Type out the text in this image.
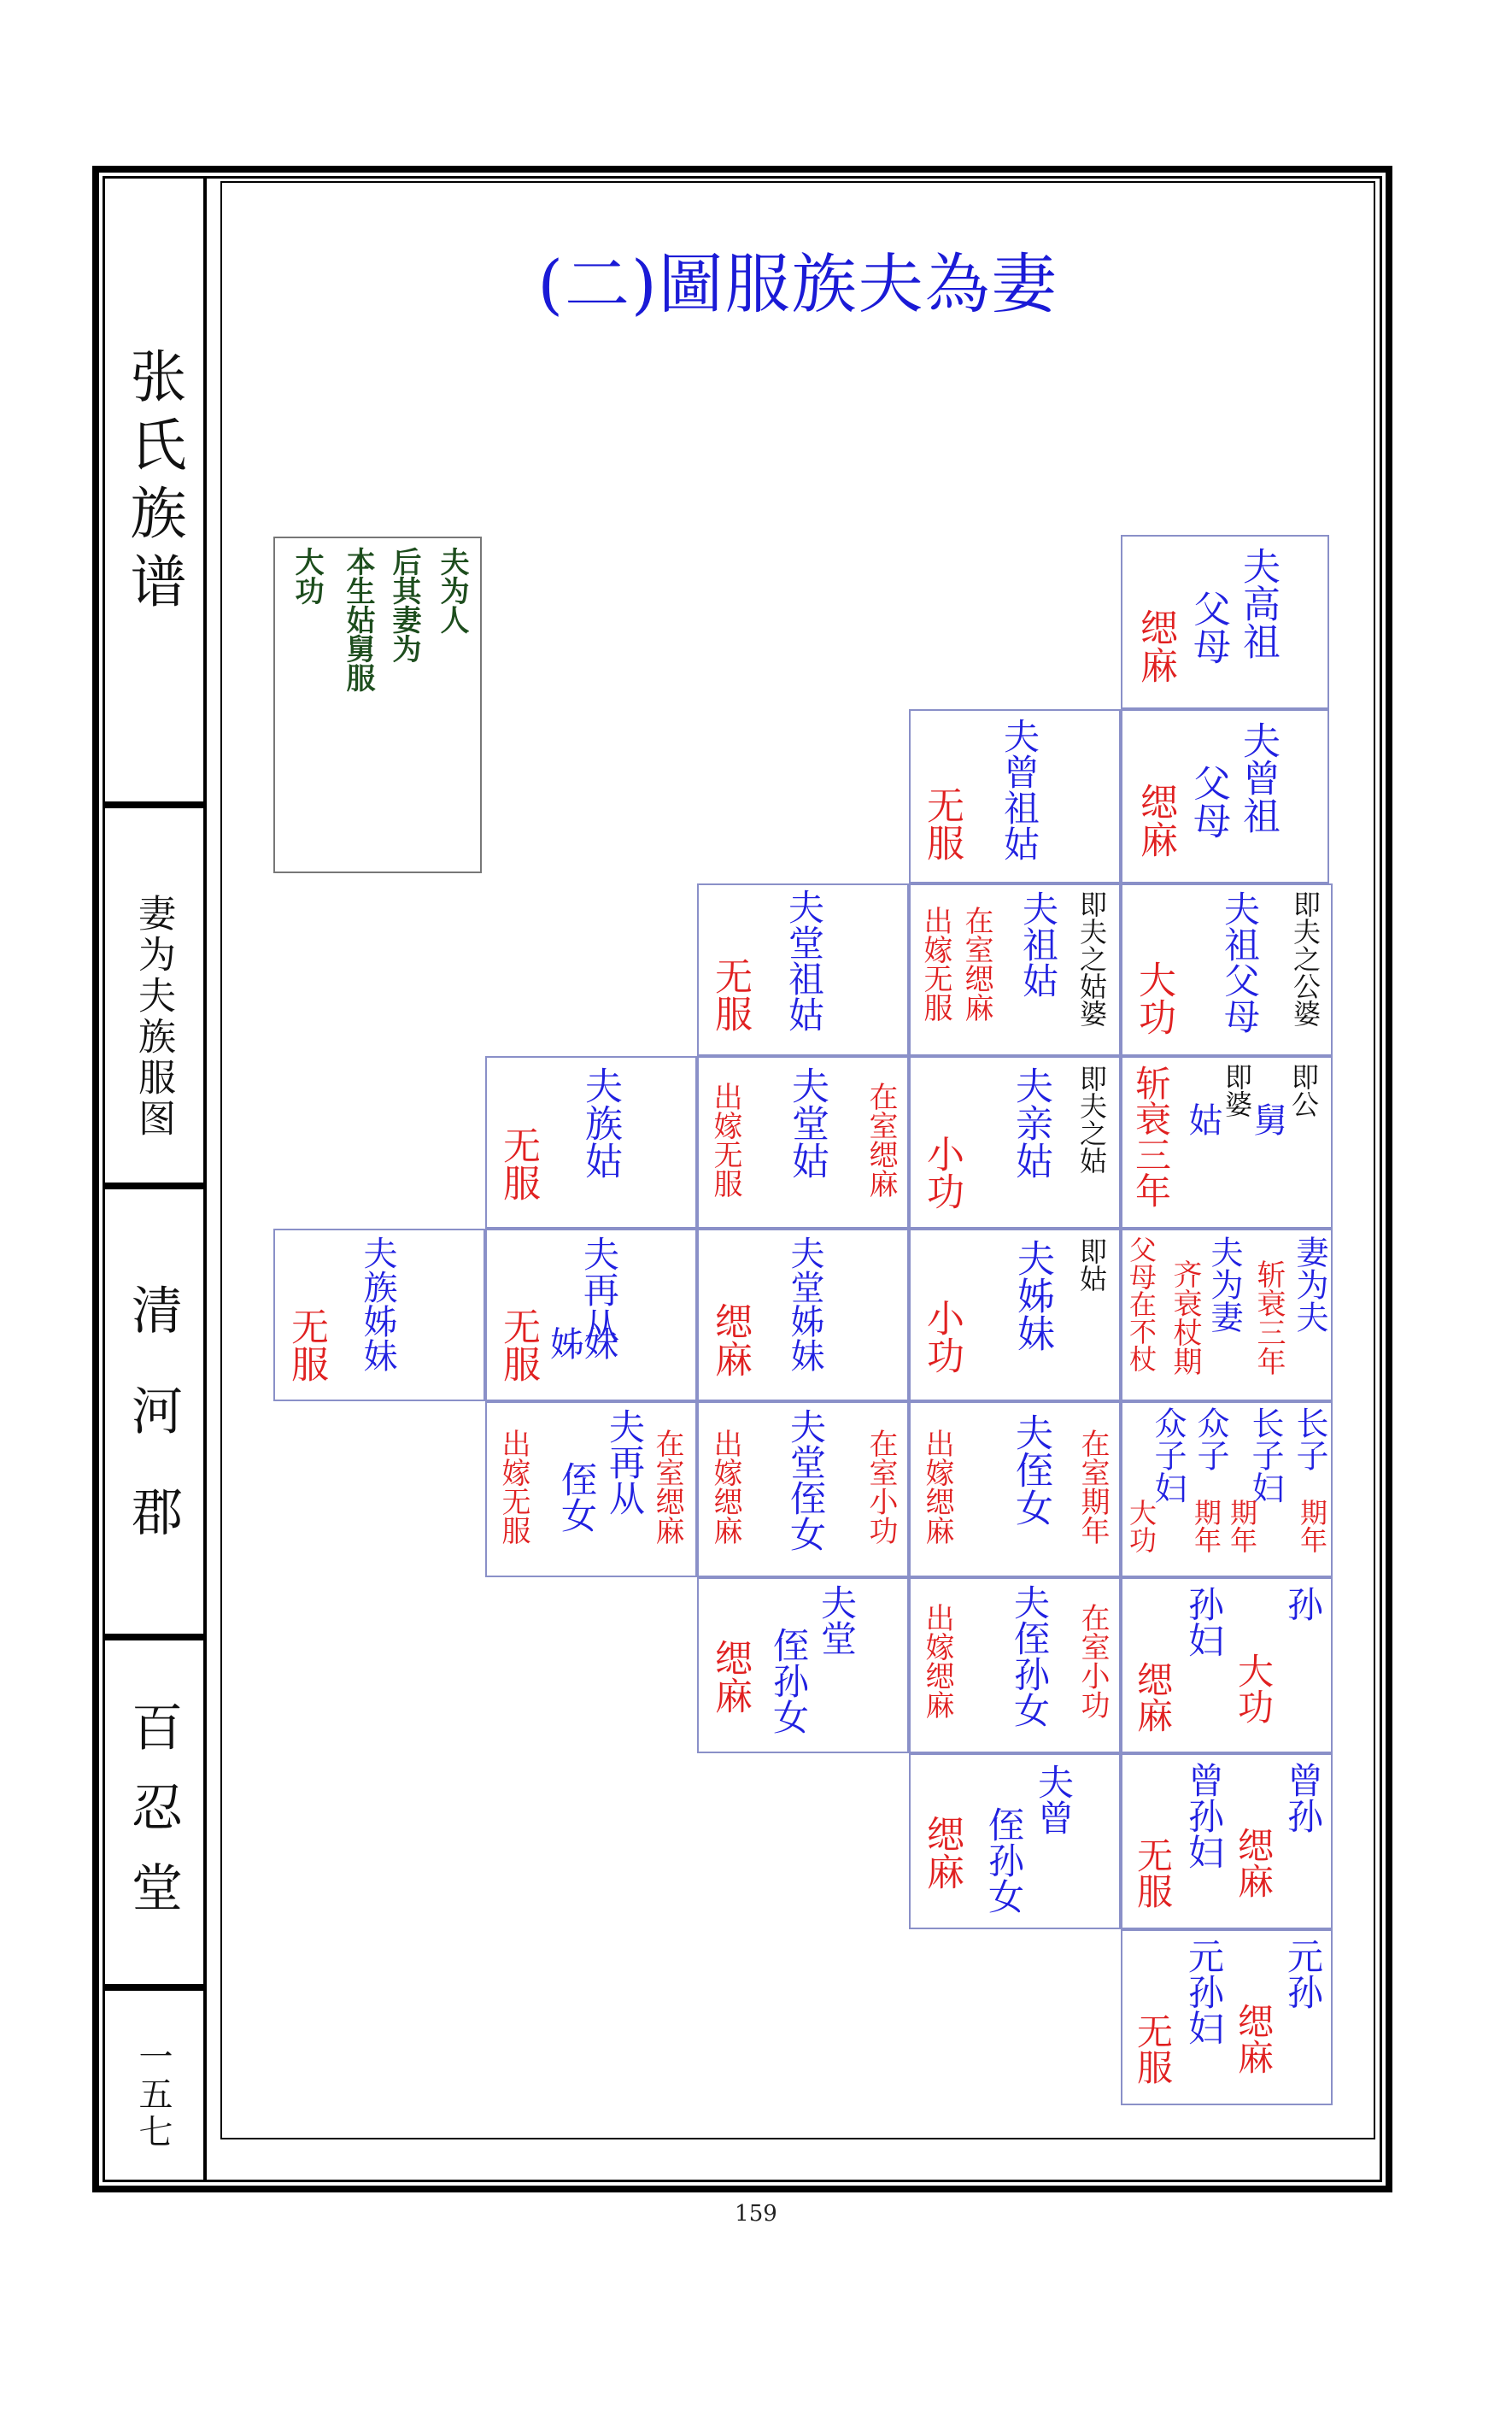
张氏族谱
妻为夫族服图
清河郡
百忍堂
一五七
(二)圖服族夫為妻
夫为人
后其妻为
本生姑舅服
大功	夫高祖
父母
缌麻
夫曾祖姑
无服	夫曾祖
父母
缌麻
夫堂祖姑
无服	即夫之姑婆
夫祖姑
在室缌麻
出嫁无服	即夫之公婆
夫祖父母
大功
夫族姑
无服	在室缌麻
夫堂姑
出嫁无服	即夫之姑
夫亲姑
小功
即公
舅
即婆
姑
斩衰三年
夫族姊妹
无服
夫再从
姊妹
无服	夫堂姊妹
缌麻
即姑
夫姊妹
小功
妻为夫
斩衰三年
夫为妻
齐衰杖期
父母在不杖
在室缌麻
夫再从
侄女
出嫁无服	在室小功
夫堂侄女
出嫁缌麻	在室期年
夫侄女
出嫁缌麻	长子
期年
长子妇
期年
众子
期年
众子妇
大功
夫堂
侄孙女
缌麻	在室小功
夫侄孙女
出嫁缌麻	孙
大功
孙妇
缌麻
夫曾
侄孙女
缌麻
曾孙
缌麻
曾孙妇
无服
元孙
缌麻
元孙妇
无服
159
